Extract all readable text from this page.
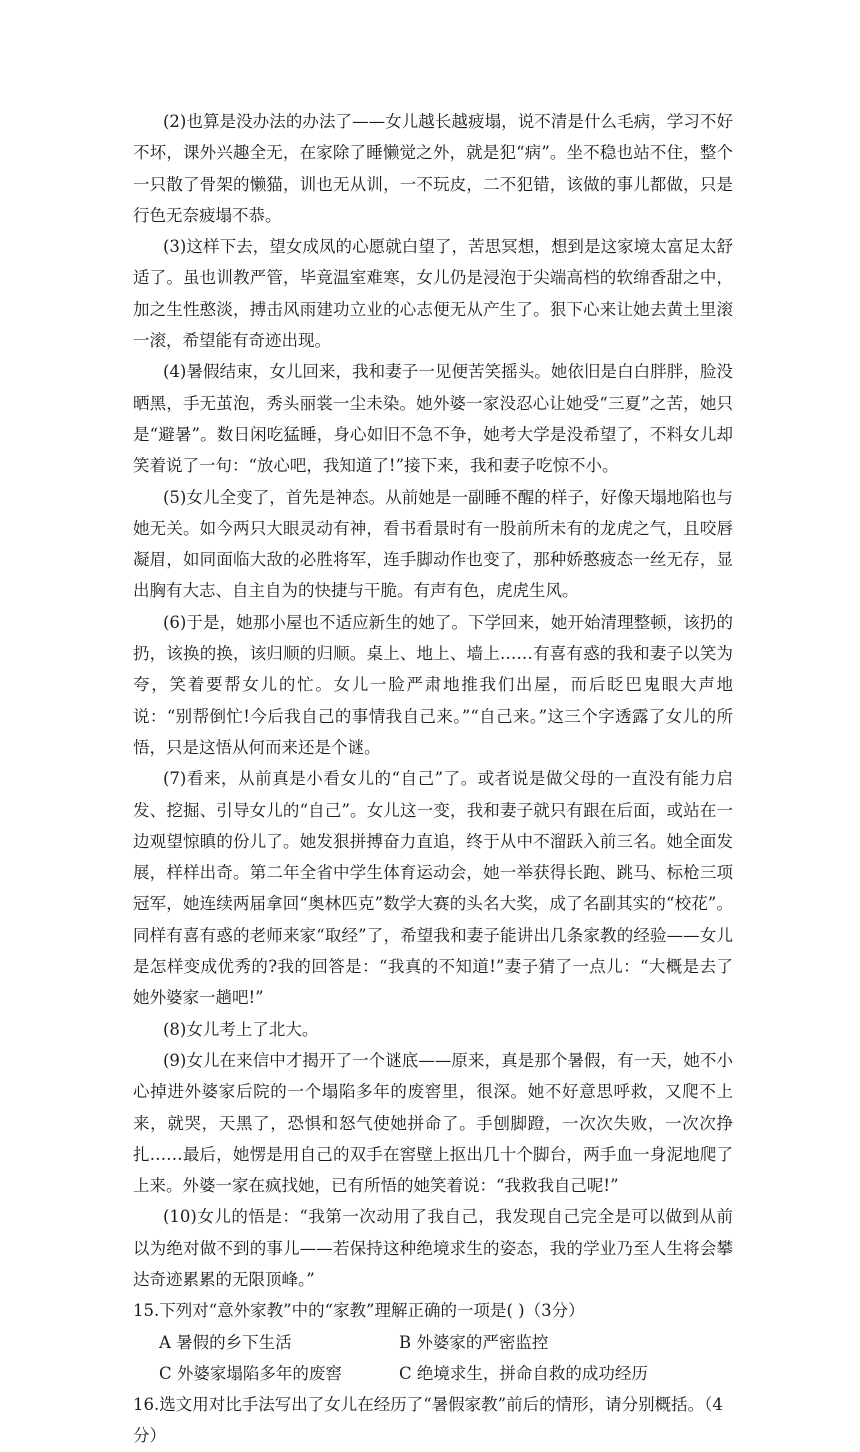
(2)也算是没办法的办法了——女儿越长越疲塌，说不清是什么毛病，学习不好不坏，课外兴趣全无，在家除了睡懒觉之外，就是犯“病”。坐不稳也站不住，整个一只散了骨架的懒猫，训也无从训，一不玩皮，二不犯错，该做的事儿都做，只是行色无奈疲塌不恭。

(3)这样下去，望女成凤的心愿就白望了，苦思冥想，想到是这家境太富足太舒适了。虽也训教严管，毕竟温室难寒，女儿仍是浸泡于尖端高档的软绵香甜之中，加之生性憨淡，搏击风雨建功立业的心志便无从产生了。狠下心来让她去黄土里滚一滚，希望能有奇迹出现。

(4)暑假结束，女儿回来，我和妻子一见便苦笑摇头。她依旧是白白胖胖，脸没晒黑，手无茧泡，秀头丽裳一尘未染。她外婆一家没忍心让她受“三夏”之苦，她只是“避暑”。数日闲吃猛睡，身心如旧不急不争，她考大学是没希望了，不料女儿却笑着说了一句：“放心吧，我知道了!”接下来，我和妻子吃惊不小。

(5)女儿全变了，首先是神态。从前她是一副睡不醒的样子，好像天塌地陷也与她无关。如今两只大眼灵动有神，看书看景时有一股前所未有的龙虎之气，且咬唇凝眉，如同面临大敌的必胜将军，连手脚动作也变了，那种娇憨疲态一丝无存，显出胸有大志、自主自为的快捷与干脆。有声有色，虎虎生风。

(6)于是，她那小屋也不适应新生的她了。下学回来，她开始清理整顿，该扔的扔，该换的换，该归顺的归顺。桌上、地上、墙上……有喜有惑的我和妻子以笑为夸，笑着要帮女儿的忙。女儿一脸严肃地推我们出屋，而后眨巴鬼眼大声地说：“别帮倒忙!今后我自己的事情我自己来。”“自己来。”这三个字透露了女儿的所悟，只是这悟从何而来还是个谜。

(7)看来，从前真是小看女儿的“自己”了。或者说是做父母的一直没有能力启发、挖掘、引导女儿的“自己”。女儿这一变，我和妻子就只有跟在后面，或站在一边观望惊瞋的份儿了。她发狠拼搏奋力直追，终于从中不溜跃入前三名。她全面发展，样样出奇。第二年全省中学生体育运动会，她一举获得长跑、跳马、标枪三项冠军，她连续两届拿回“奥林匹克”数学大赛的头名大奖，成了名副其实的“校花”。同样有喜有惑的老师来家“取经”了，希望我和妻子能讲出几条家教的经验——女儿是怎样变成优秀的?我的回答是：“我真的不知道!”妻子猜了一点儿：“大概是去了她外婆家一趟吧!”

(8)女儿考上了北大。

(9)女儿在来信中才揭开了一个谜底——原来，真是那个暑假，有一天，她不小心掉进外婆家后院的一个塌陷多年的废窖里，很深。她不好意思呼救，又爬不上来，就哭，天黑了，恐惧和怒气使她拼命了。手刨脚蹬，一次次失败，一次次挣扎……最后，她愣是用自己的双手在窖壁上抠出几十个脚台，两手血一身泥地爬了上来。外婆一家在疯找她，已有所悟的她笑着说：“我救我自己呢!”

(10)女儿的悟是：“我第一次动用了我自己，我发现自己完全是可以做到从前以为绝对做不到的事儿——若保持这种绝境求生的姿态，我的学业乃至人生将会攀达奇迹累累的无限顶峰。”

15.下列对“意外家教”中的“家教”理解正确的一项是( )（3分）

A 暑假的乡下生活	B 外婆家的严密监控

C 外婆家塌陷多年的废窖	C 绝境求生，拼命自救的成功经历

16.选文用对比手法写出了女儿在经历了“暑假家教”前后的情形，请分别概括。（4分）
